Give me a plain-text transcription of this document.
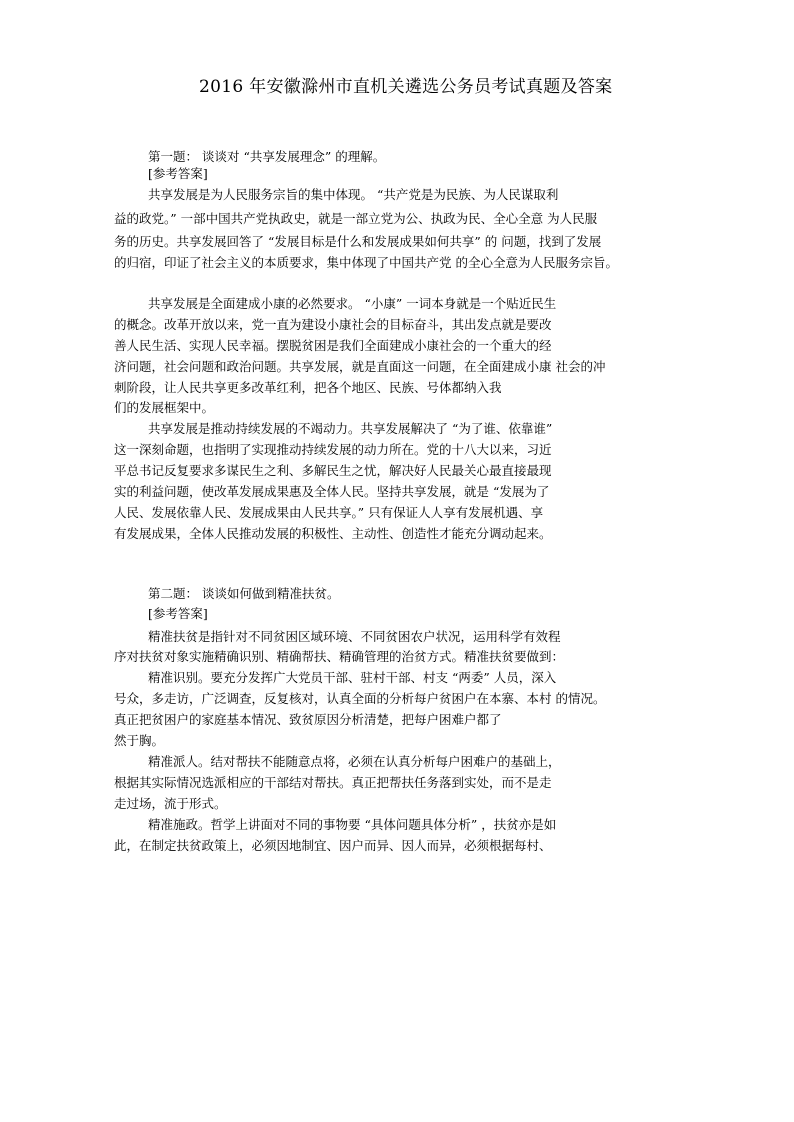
2016 年安徽滁州市直机关遴选公务员考试真题及答案
第一题： 谈谈对 “共享发展理念” 的理解。
[参考答案]
共享发展是为人民服务宗旨的集中体现。 “共产党是为民族、为人民谋取利
益的政党。” 一部中国共产党执政史，就是一部立党为公、执政为民、全心全意 为人民服
务的历史。共享发展回答了 “发展目标是什么和发展成果如何共享” 的 问题，找到了发展
的归宿，印证了社会主义的本质要求，集中体现了中国共产党 的全心全意为人民服务宗旨。
共享发展是全面建成小康的必然要求。 “小康” 一词本身就是一个贴近民生
的概念。改革开放以来，党一直为建设小康社会的目标奋斗，其出发点就是要改
善人民生活、实现人民幸福。摆脱贫困是我们全面建成小康社会的一个重大的经
济问题，社会问题和政治问题。共享发展，就是直面这一问题，在全面建成小康 社会的冲
刺阶段，让人民共享更多改革红利，把各个地区、民族、号体都纳入我
们的发展框架中。
共享发展是推动持续发展的不竭动力。共享发展解决了 “为了谁、依靠谁”
这一深刻命题，也指明了实现推动持续发展的动力所在。党的十八大以来，习近
平总书记反复要求多谋民生之利、多解民生之忧，解决好人民最关心最直接最现
实的利益问题，使改革发展成果惠及全体人民。坚持共享发展，就是 “发展为了
人民、发展依靠人民、发展成果由人民共享。” 只有保证人人享有发展机遇、享
有发展成果，全体人民推动发展的积极性、主动性、创造性才能充分调动起来。
第二题： 谈谈如何做到精准扶贫。
[参考答案]
精准扶贫是指针对不同贫困区域环境、不同贫困农户状况，运用科学有效程
序对扶贫对象实施精确识别、精确帮扶、精确管理的治贫方式。精准扶贫要做到：
精准识别。要充分发挥广大党员干部、驻村干部、村支 “两委” 人员，深入
号众，多走访，广泛调查，反复核对，认真全面的分析每户贫困户在本寨、本村 的情况。
真正把贫困户的家庭基本情况、致贫原因分析清楚，把每户困难户都了
然于胸。
精准派人。结对帮扶不能随意点将，必须在认真分析每户困难户的基础上，
根据其实际情况选派相应的干部结对帮扶。真正把帮扶任务落到实处，而不是走
走过场，流于形式。
精准施政。哲学上讲面对不同的事物要 “具体问题具体分析” ，扶贫亦是如
此，在制定扶贫政策上，必须因地制宜、因户而异、因人而异，必须根据每村、
